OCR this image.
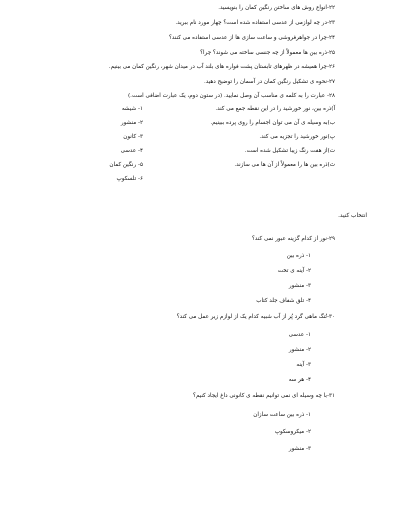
۲۲-انواع روش های ساختن رنگین کمان را بنویسید.
۲۳-در چه لوازمی از عدسی استفاده شده است؟ چهار مورد نام ببرید.
۲۴-چرا در جواهرفروشی و ساعت سازی ها از عدسی استفاده می کنند؟
۲۵-ذره بین ها معمولاً از چه جنسی ساخته می شوند؟ چرا؟
۲۶-چرا همیشه در ظهرهای تابستان پشت فواره های بلند آب در میدان شهر، رنگین کمان می بینیم.
۲۷-نحوه ی تشکیل رنگین کمان در آسمان را توضیح دهید.
۲۸- عبارت را به کلمه ی مناسب آن وصل نمایید. (در ستون دوم، یک عبارت اضافی است.)
آ)ذره بین، نور خورشید را در این نقطه جمع می کند.
ب)به وسیله ی آن می توان اجسام را روی پرده ببینیم.
پ)نور خورشید را تجزیه می کند.
ت)از هفت رنگ زیبا تشکیل شده است.
ث)ذره بین ها را معمولاً از آن ها می سازند.
۱- شیشه
۲- منشور
۳- کانون
۴- عدسی
۵- رنگین کمان
۶- تلسکوپ
انتخاب کنید.
۲۹-نور از کدام گزینه عبور نمی کند؟
۱- ذره بین
۲- آینه ی تخت
۳- منشور
۴- تلق شفاف جلد کتاب
۳۰-تُنگ ماهی گرد پُر از آب شبیه کدام یک از لوازم زیر عمل می کند؟
۱- عدسی
۲- منشور
۳- آینه
۴- هر سه
۳۱-با چه وسیله ای نمی توانیم نقطه ی کانونی داغ ایجاد کنیم؟
۱- ذره بین ساعت سازان
۲- میکروسکوپ
۳- منشور
